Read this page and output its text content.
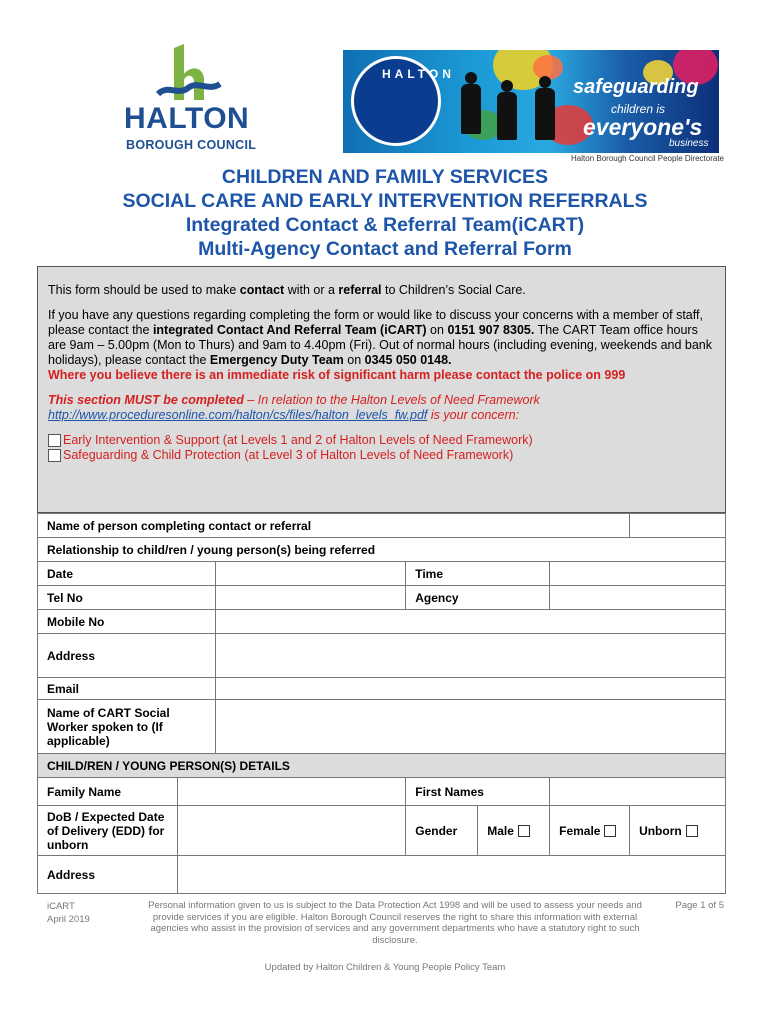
HALTON
BOROUGH COUNCIL
HALTON
safeguarding
children is
everyone's
business
Halton Borough Council People Directorate
CHILDREN AND FAMILY SERVICES
SOCIAL CARE AND EARLY INTERVENTION REFERRALS
Integrated Contact & Referral Team(iCART)
Multi-Agency Contact and Referral Form

This form should be used to make contact with or a referral to Children’s Social Care.

If you have any questions regarding completing the form or would like to discuss your concerns with a member of staff, please contact the integrated Contact And Referral Team (iCART) on 0151 907 8305. The CART Team office hours are 9am – 5.00pm (Mon to Thurs) and 9am to 4.40pm (Fri). Out of normal hours (including evening, weekends and bank holidays), please contact the Emergency Duty Team on 0345 050 0148.
Where you believe there is an immediate risk of significant harm please contact the police on 999

This section MUST be completed – In relation to the Halton Levels of Need Framework
http://www.proceduresonline.com/halton/cs/files/halton_levels_fw.pdf is your concern:

Early Intervention & Support (at Levels 1 and 2 of Halton Levels of Need Framework)
Safeguarding & Child Protection (at Level 3 of Halton Levels of Need Framework)
Name of person completing contact or referral						
Relationship to child/ren / young person(s) being referred						
Date			Time			
Tel No			Agency			
Mobile No						
Address						
Email						
Name of CART Social Worker spoken to (If applicable)						
CHILD/REN / YOUNG PERSON(S) DETAILS						
Family Name			First Names			
DoB / Expected Date of Delivery (EDD) for unborn			Gender	Male	Female	Unborn
Address						
iCART
April 2019
Personal information given to us is subject to the Data Protection Act 1998 and will be used to assess your needs and provide services if you are eligible. Halton Borough Council reserves the right to share this information with external agencies who assist in the provision of services and any government departments who have a statutory right to such disclosure.
Page 1 of 5
Updated by Halton Children & Young People Policy Team
